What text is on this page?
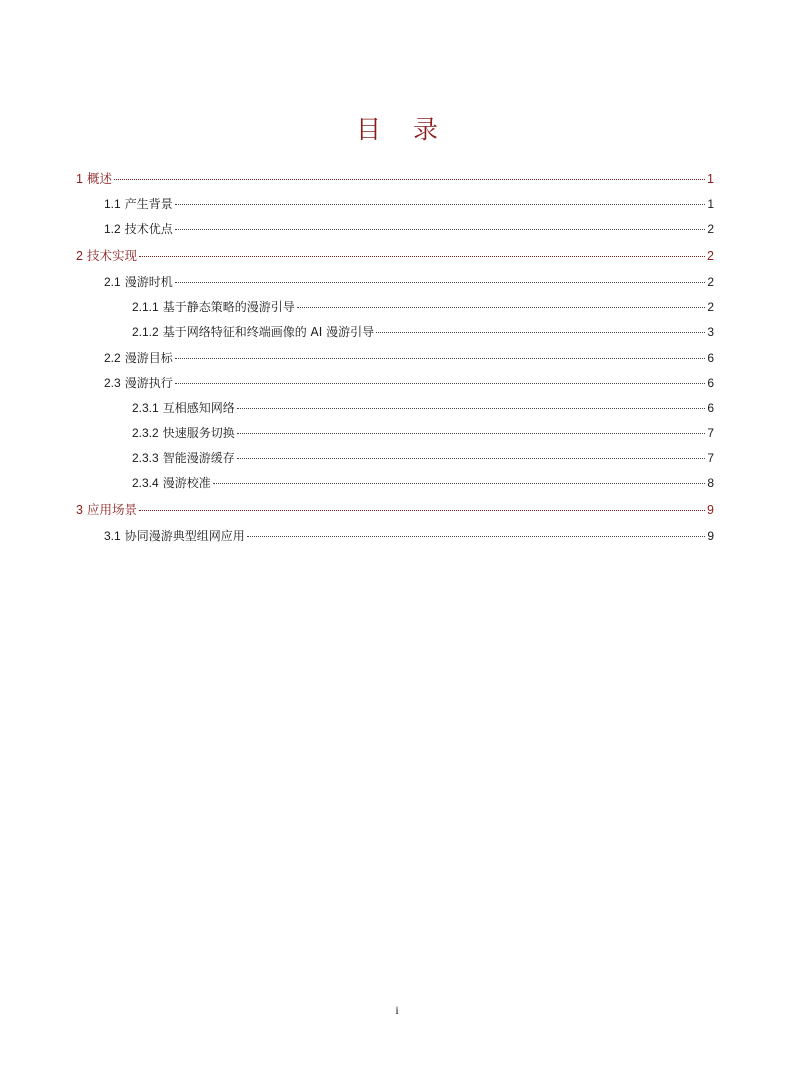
目 录
1 概述	1
1.1 产生背景	1
1.2 技术优点	2
2 技术实现	2
2.1 漫游时机	2
2.1.1 基于静态策略的漫游引导	2
2.1.2 基于网络特征和终端画像的 AI 漫游引导	3
2.2 漫游目标	6
2.3 漫游执行	6
2.3.1 互相感知网络	6
2.3.2 快速服务切换	7
2.3.3 智能漫游缓存	7
2.3.4 漫游校准	8
3 应用场景	9
3.1 协同漫游典型组网应用	9
i
